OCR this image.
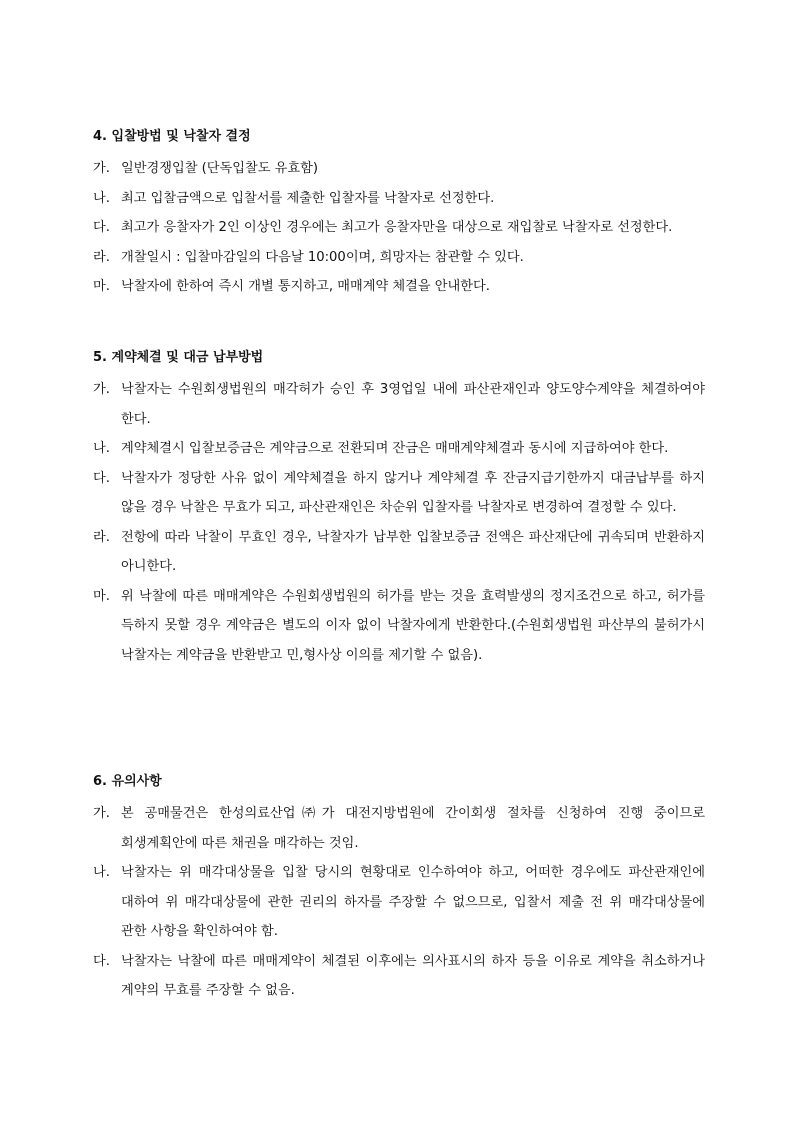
4. 입찰방법 및 낙찰자 결정
가. 일반경쟁입찰 (단독입찰도 유효함)
나. 최고 입찰금액으로 입찰서를 제출한 입찰자를 낙찰자로 선정한다.
다. 최고가 응찰자가 2인 이상인 경우에는 최고가 응찰자만을 대상으로 재입찰로 낙찰자로 선정한다.
라. 개찰일시 : 입찰마감일의 다음날 10:00이며, 희망자는 참관할 수 있다.
마. 낙찰자에 한하여 즉시 개별 통지하고, 매매계약 체결을 안내한다.
5. 계약체결 및 대금 납부방법
가. 낙찰자는 수원회생법원의 매각허가 승인 후 3영업일 내에 파산관재인과 양도양수계약을 체결하여야 한다.
나. 계약체결시 입찰보증금은 계약금으로 전환되며 잔금은 매매계약체결과 동시에 지급하여야 한다.
다. 낙찰자가 정당한 사유 없이 계약체결을 하지 않거나 계약체결 후 잔금지급기한까지 대금납부를 하지 않을 경우 낙찰은 무효가 되고, 파산관재인은 차순위 입찰자를 낙찰자로 변경하여 결정할 수 있다.
라. 전항에 따라 낙찰이 무효인 경우, 낙찰자가 납부한 입찰보증금 전액은 파산재단에 귀속되며 반환하지 아니한다.
마. 위 낙찰에 따른 매매계약은 수원회생법원의 허가를 받는 것을 효력발생의 정지조건으로 하고, 허가를 득하지 못할 경우 계약금은 별도의 이자 없이 낙찰자에게 반환한다.(수원회생법원 파산부의 불허가시 낙찰자는 계약금을 반환받고 민,형사상 이의를 제기할 수 없음).
6. 유의사항
가. 본 공매물건은 한성의료산업㈜가 대전지방법원에 간이회생 절차를 신청하여 진행 중이므로 회생계획안에 따른 채권을 매각하는 것임.
나. 낙찰자는 위 매각대상물을 입찰 당시의 현황대로 인수하여야 하고, 어떠한 경우에도 파산관재인에 대하여 위 매각대상물에 관한 권리의 하자를 주장할 수 없으므로, 입찰서 제출 전 위 매각대상물에 관한 사항을 확인하여야 함.
다. 낙찰자는 낙찰에 따른 매매계약이 체결된 이후에는 의사표시의 하자 등을 이유로 계약을 취소하거나 계약의 무효를 주장할 수 없음.
